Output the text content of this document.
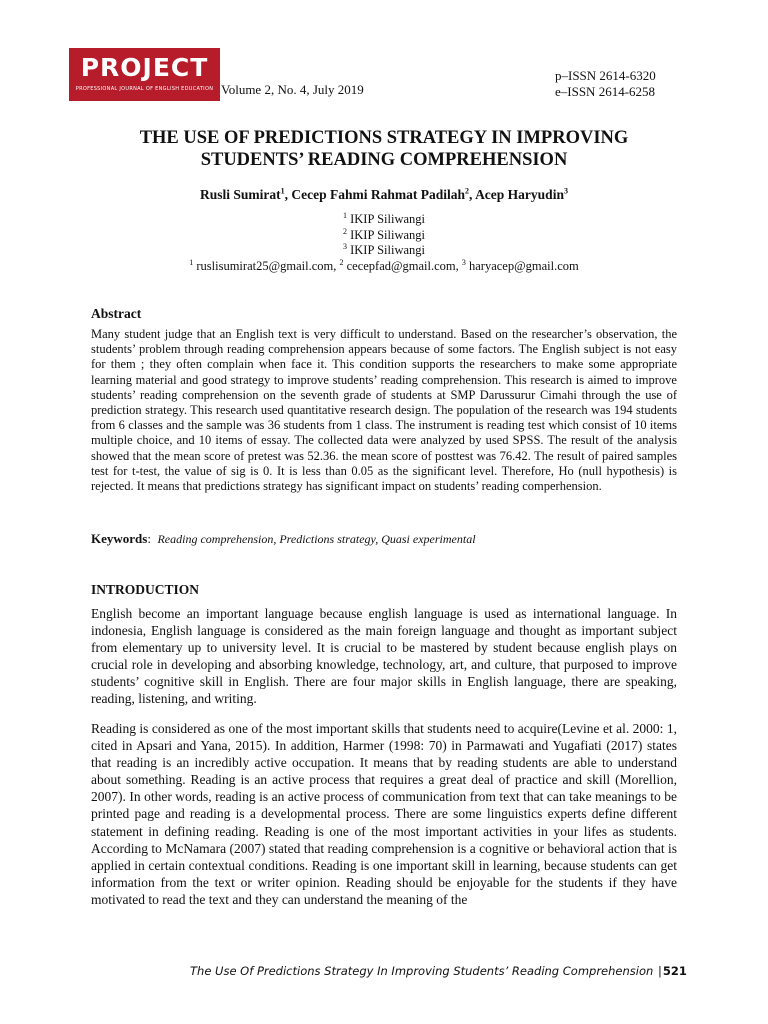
PROJECT
PROFESSIONAL JOURNAL OF ENGLISH EDUCATION Volume 2, No. 4, July 2019
p–ISSN 2614-6320
e–ISSN 2614-6258
THE USE OF PREDICTIONS STRATEGY IN IMPROVING
STUDENTS’ READING COMPREHENSION
Rusli Sumirat$^1$, Cecep Fahmi Rahmat Padilah$^2$, Acep Haryudin$^3$
$^1$ IKIP Siliwangi
$^2$ IKIP Siliwangi
$^3$ IKIP Siliwangi
$^1$ ruslisumirat25@gmail.com, $^2$ cecepfad@gmail.com, $^3$ haryacep@gmail.com
Abstract
Many student judge that an English text is very difficult to understand. Based on the researcher’s observation, the students’ problem through reading comprehension appears because of some factors. The English subject is not easy for them ; they often complain when face it. This condition supports the researchers to make some appropriate learning material and good strategy to improve students’ reading comprehension. This research is aimed to improve students’ reading comprehension on the seventh grade of students at SMP Darussurur Cimahi through the use of prediction strategy. This research used quantitative research design. The population of the research was 194 students from 6 classes and the sample was 36 students from 1 class. The instrument is reading test which consist of 10 items multiple choice, and 10 items of essay. The collected data were analyzed by used SPSS. The result of the analysis showed that the mean score of pretest was 52.36. the mean score of posttest was 76.42. The result of paired samples test for t-test, the value of sig is 0. It is less than 0.05 as the significant level. Therefore, Ho (null hypothesis) is rejected. It means that predictions strategy has significant impact on students’ reading comperhension.
Keywords: Reading comprehension, Predictions strategy, Quasi experimental
INTRODUCTION
English become an important language because english language is used as international language. In indonesia, English language is considered as the main foreign language and thought as important subject from elementary up to university level. It is crucial to be mastered by student because english plays on crucial role in developing and absorbing knowledge, technology, art, and culture, that purposed to improve students’ cognitive skill in English. There are four major skills in English language, there are speaking, reading, listening, and writing.
Reading is considered as one of the most important skills that students need to acquire(Levine et al. 2000: 1, cited in Apsari and Yana, 2015). In addition, Harmer (1998: 70) in Parmawati and Yugafiati (2017) states that reading is an incredibly active occupation. It means that by reading students are able to understand about something. Reading is an active process that requires a great deal of practice and skill (Morellion, 2007). In other words, reading is an active process of communication from text that can take meanings to be printed page and reading is a developmental process. There are some linguistics experts define different statement in defining reading. Reading is one of the most important activities in your lifes as students. According to McNamara (2007) stated that reading comprehension is a cognitive or behavioral action that is applied in certain contextual conditions. Reading is one important skill in learning, because students can get information from the text or writer opinion. Reading should be enjoyable for the students if they have motivated to read the text and they can understand the meaning of the
The Use Of Predictions Strategy In Improving Students’ Reading Comprehension |521
